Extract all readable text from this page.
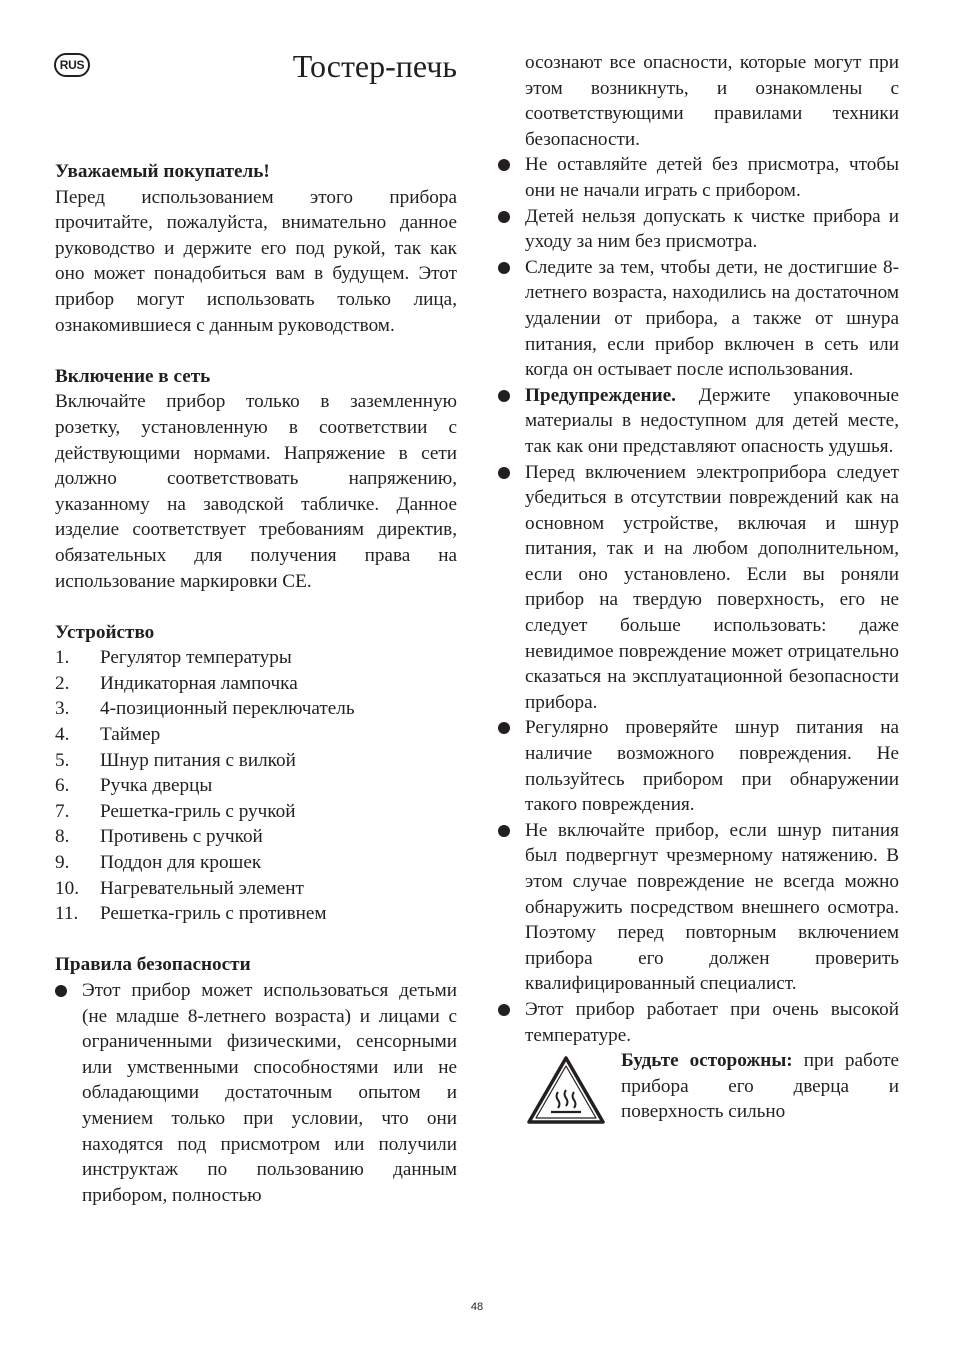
RUS	Тостер-печь

Уважаемый покупатель!

Перед использованием этого прибора прочитайте, пожалуйста, внимательно данное руководство и держите его под рукой, так как оно может понадобиться вам в будущем. Этот прибор могут использовать только лица, ознакомившиеся с данным руководством.

Включение в сеть

Включайте прибор только в заземленную розетку, установленную в соответствии с действующими нормами. Напряжение в сети должно соответствовать напряжению, указанному на заводской табличке. Данное изделие соответствует требованиям директив, обязательных для получения права на использование маркировки CE.

Устройство

1.	Регулятор температуры
2.	Индикаторная лампочка
3.	4-позиционный переключатель
4.	Таймер
5.	Шнур питания с вилкой
6.	Ручка дверцы
7.	Решетка-гриль с ручкой
8.	Противень с ручкой
9.	Поддон для крошек
10.	Нагревательный элемент
11.	Решетка-гриль с противнем

Правила безопасности

Этот прибор может использоваться детьми (не младше 8-летнего возраста) и лицами с ограниченными физическими, сенсорными или умственными способностями или не обладающими достаточным опытом и умением только при условии, что они находятся под присмотром или получили инструктаж по пользованию данным прибором, полностью

осознают все опасности, которые могут при этом возникнуть, и ознакомлены с соответствующими правилами техники безопасности.

Не оставляйте детей без присмотра, чтобы они не начали играть с прибором.
Детей нельзя допускать к чистке прибора и уходу за ним без присмотра.
Следите за тем, чтобы дети, не достигшие 8-летнего возраста, находились на достаточном удалении от прибора, а также от шнура питания, если прибор включен в сеть или когда он остывает после использования.
Предупреждение. Держите упаковочные материалы в недоступном для детей месте, так как они представляют опасность удушья.
Перед включением электроприбора следует убедиться в отсутствии повреждений как на основном устройстве, включая и шнур питания, так и на любом дополнительном, если оно установлено. Если вы роняли прибор на твердую поверхность, его не следует больше использовать: даже невидимое повреждение может отрицательно сказаться на эксплуатационной безопасности прибора.
Регулярно проверяйте шнур питания на наличие возможного повреждения. Не пользуйтесь прибором при обнаружении такого повреждения.
Не включайте прибор, если шнур питания был подвергнут чрезмерному натяжению. В этом случае повреждение не всегда можно обнаружить посредством внешнего осмотра. Поэтому перед повторным включением прибора его должен проверить квалифицированный специалист.
Этот прибор работает при очень высокой температуре.
Будьте осторожны: при работе прибора его дверца и поверхность сильно
48
